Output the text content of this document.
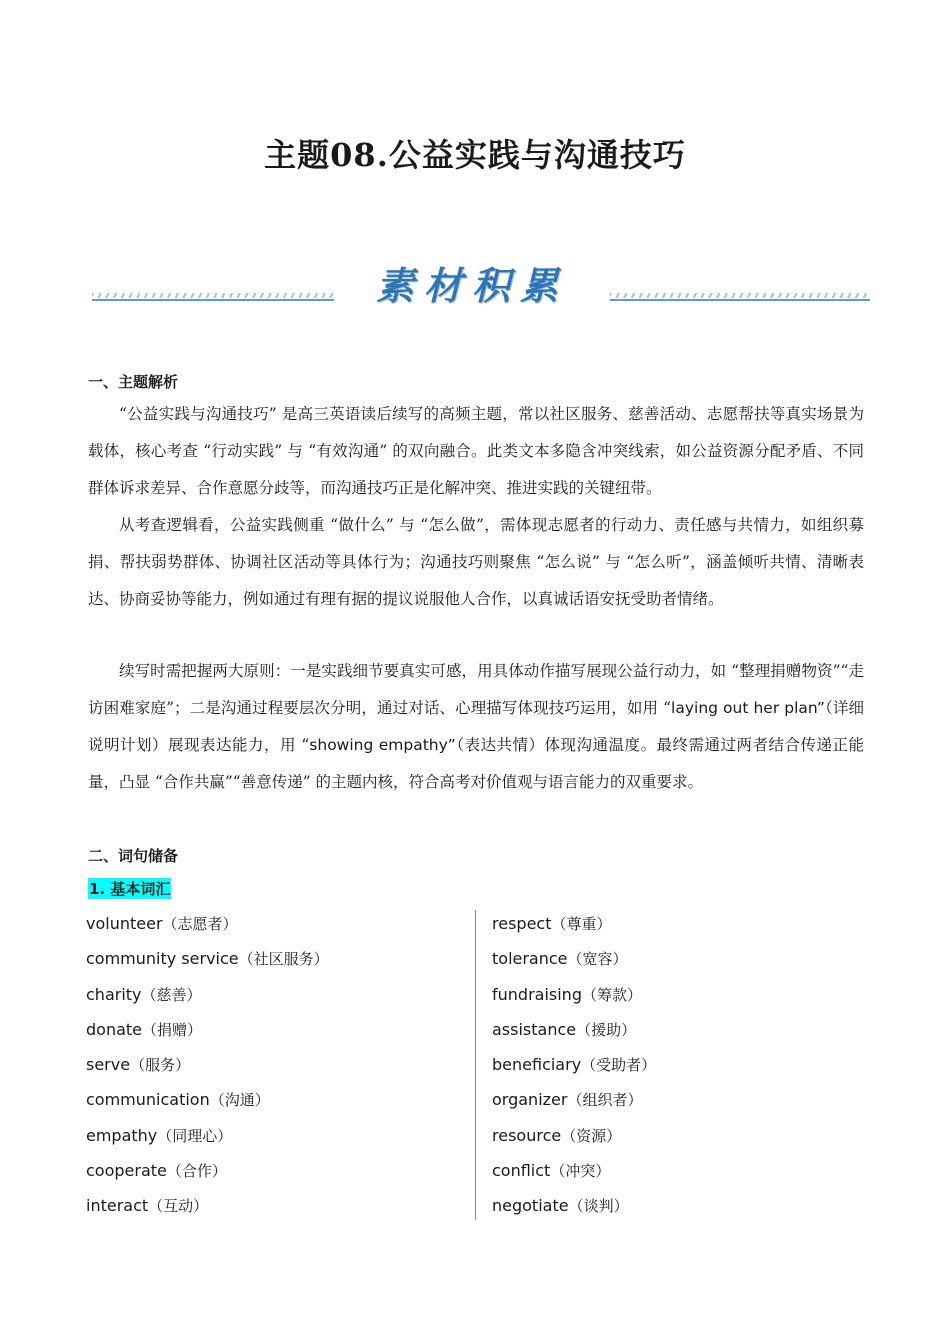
主题08.公益实践与沟通技巧
素材积累
一、主题解析

“公益实践与沟通技巧” 是高三英语读后续写的高频主题，常以社区服务、慈善活动、志愿帮扶等真实场景为载体，核心考查 “行动实践” 与 “有效沟通” 的双向融合。此类文本多隐含冲突线索，如公益资源分配矛盾、不同群体诉求差异、合作意愿分歧等，而沟通技巧正是化解冲突、推进实践的关键纽带。

从考查逻辑看，公益实践侧重 “做什么” 与 “怎么做”，需体现志愿者的行动力、责任感与共情力，如组织募捐、帮扶弱势群体、协调社区活动等具体行为；沟通技巧则聚焦 “怎么说” 与 “怎么听”，涵盖倾听共情、清晰表达、协商妥协等能力，例如通过有理有据的提议说服他人合作，以真诚话语安抚受助者情绪。

续写时需把握两大原则：一是实践细节要真实可感，用具体动作描写展现公益行动力，如 “整理捐赠物资”“走访困难家庭”；二是沟通过程要层次分明，通过对话、心理描写体现技巧运用，如用 “laying out her plan”（详细说明计划）展现表达能力，用 “showing empathy”（表达共情）体现沟通温度。最终需通过两者结合传递正能量，凸显 “合作共赢”“善意传递” 的主题内核，符合高考对价值观与语言能力的双重要求。

二、词句储备
1. 基本词汇
volunteer（志愿者）
community service（社区服务）
charity（慈善）
donate（捐赠）
serve（服务）
communication（沟通）
empathy（同理心）
cooperate（合作）
interact（互动）
respect（尊重）
tolerance（宽容）
fundraising（筹款）
assistance（援助）
beneficiary（受助者）
organizer（组织者）
resource（资源）
conflict（冲突）
negotiate（谈判）
